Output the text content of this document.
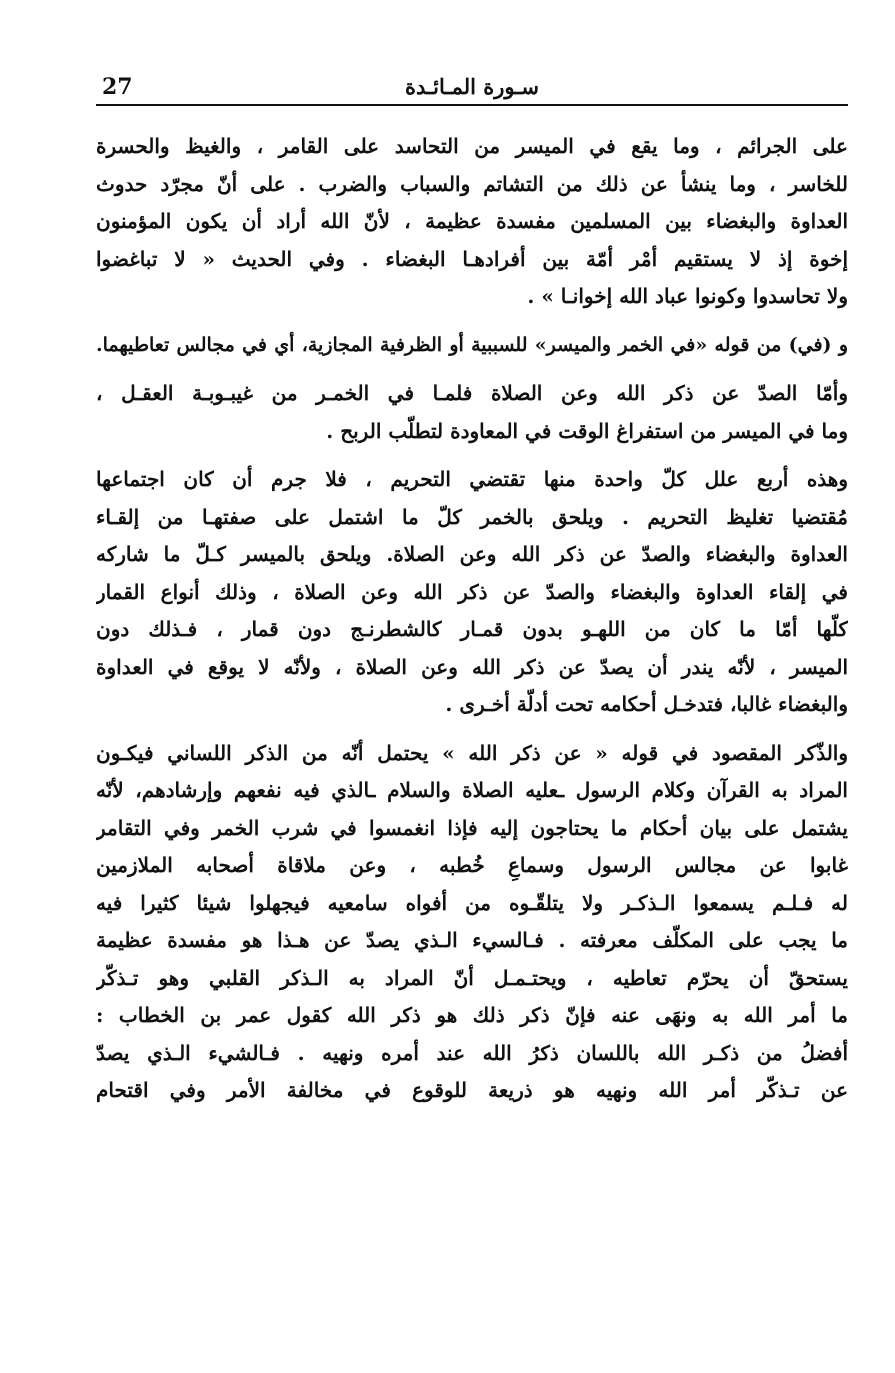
27	سـورة المـائـدة
على الجرائم ، وما يقع في الميسر من التحاسد على القامر ، والغيظ والحسرة
للخاسر ، وما ينشأ عن ذلك من التشاتم والسباب والضرب . على أنّ مجرّد حدوث
العداوة والبغضاء بين المسلمين مفسدة عظيمة ، لأنّ الله أراد أن يكون المؤمنون
إخوة إذ لا يستقيم أمْر أمّة بين أفرادهـا البغضاء . وفي الحديث « لا تباغضوا
ولا تحاسدوا وكونوا عباد الله إخوانـا » .
و (في) من قوله «في الخمر والميسر» للسببية أو الظرفية المجازية، أي في مجالس تعاطيهما.
وأمّا الصدّ عن ذكر الله وعن الصلاة فلمـا في الخمـر من غيبـوبـة العقـل ،
وما في الميسر من استفراغ الوقت في المعاودة لتطلّب الربح .
وهذه أربع علل كلّ واحدة منها تقتضي التحريم ، فلا جرم أن كان اجتماعها
مُقتضيا تغليظ التحريم . ويلحق بالخمر كلّ ما اشتمل على صفتهـا من إلقـاء
العداوة والبغضاء والصدّ عن ذكر الله وعن الصلاة. ويلحق بالميسر كـلّ ما شاركه
في إلقاء العداوة والبغضاء والصدّ عن ذكر الله وعن الصلاة ، وذلك أنواع القمار
كلّها أمّا ما كان من اللهـو بدون قمـار كالشطرنـج دون قمار ، فـذلك دون
الميسر ، لأنّه يندر أن يصدّ عن ذكر الله وعن الصلاة ، ولأنّه لا يوقع في العداوة
والبغضاء غالبا، فتدخـل أحكامه تحت أدلّة أخـرى .
والذّكر المقصود في قوله « عن ذكر الله » يحتمل أنّه من الذكر اللساني فيكـون
المراد به القرآن وكلام الرسول ـعليه الصلاة والسلام ـالذي فيه نفعهم وإرشادهم، لأنّه
يشتمل على بيان أحكام ما يحتاجون إليه فإذا انغمسوا في شرب الخمر وفي التقامر
غابوا عن مجالس الرسول وسماعِ خُطبه ، وعن ملاقاة أصحابه الملازمين
له فـلـم يسمعوا الـذكـر ولا يتلقّـوه من أفواه سامعيه فيجهلوا شيئا كثيرا فيه
ما يجب على المكلّف معرفته . فـالسيء الـذي يصدّ عن هـذا هو مفسدة عظيمة
يستحقّ أن يحرّم تعاطيه ، ويحتـمـل أنّ المراد به الـذكر القلبي وهو تـذكّر
ما أمر الله به ونهَى عنه فإنّ ذكر ذلك هو ذكر الله كقول عمر بن الخطاب :
أفضلُ من ذكـر الله باللسان ذكرُ الله عند أمره ونهيه . فـالشيء الـذي يصدّ
عن تـذكّر أمر الله ونهيه هو ذريعة للوقوع في مخالفة الأمر وفي اقتحام
